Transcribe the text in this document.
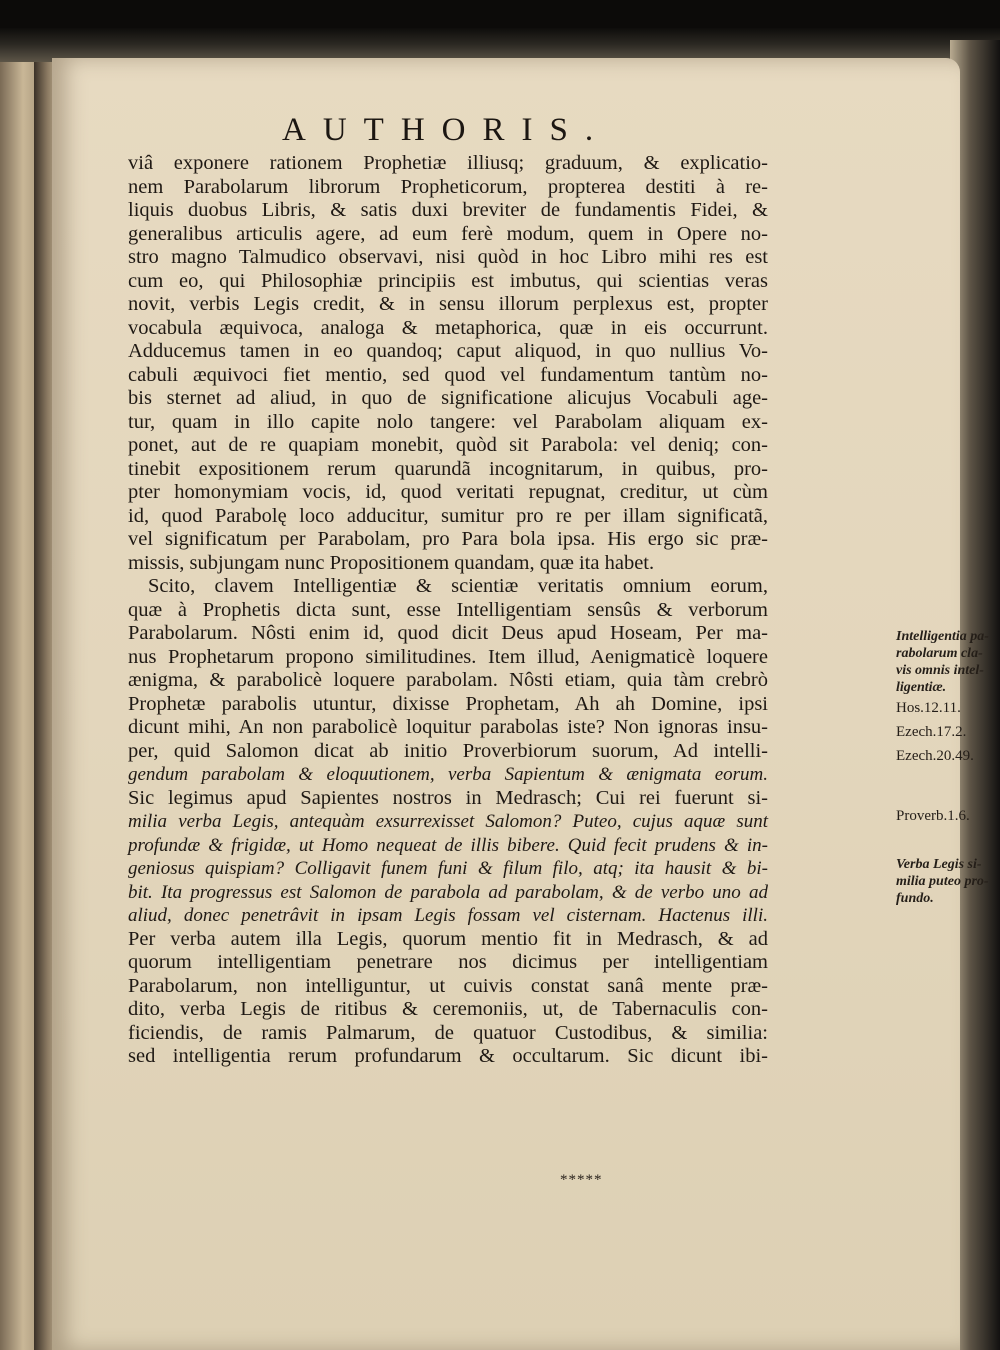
AUTHORIS.
viâ exponere rationem Prophetiæ illiusq; graduum, & explicatio-
nem Parabolarum librorum Propheticorum, propterea destiti à re-
liquis duobus Libris, & satis duxi breviter de fundamentis Fidei, &
generalibus articulis agere, ad eum ferè modum, quem in Opere no-
stro magno Talmudico observavi, nisi quòd in hoc Libro mihi res est
cum eo, qui Philosophiæ principiis est imbutus, qui scientias veras
novit, verbis Legis credit, & in sensu illorum perplexus est, propter
vocabula æquivoca, analoga & metaphorica, quæ in eis occurrunt.
Adducemus tamen in eo quandoq; caput aliquod, in quo nullius Vo-
cabuli æquivoci fiet mentio, sed quod vel fundamentum tantùm no-
bis sternet ad aliud, in quo de significatione alicujus Vocabuli age-
tur, quam in illo capite nolo tangere: vel Parabolam aliquam ex-
ponet, aut de re quapiam monebit, quòd sit Parabola: vel deniq; con-
tinebit expositionem rerum quarundã incognitarum, in quibus, pro-
pter homonymiam vocis, id, quod veritati repugnat, creditur, ut cùm
id, quod Parabolę loco adducitur, sumitur pro re per illam significatã,
vel significatum per Parabolam, pro Para bola ipsa. His ergo sic præ-
missis, subjungam nunc Propositionem quandam, quæ ita habet.
Scito, clavem Intelligentiæ & scientiæ veritatis omnium eorum,
quæ à Prophetis dicta sunt, esse Intelligentiam sensûs & verborum
Parabolarum. Nôsti enim id, quod dicit Deus apud Hoseam, Per ma-
nus Prophetarum propono similitudines. Item illud, Aenigmaticè loquere
ænigma, & parabolicè loquere parabolam. Nôsti etiam, quia tàm crebrò
Prophetæ parabolis utuntur, dixisse Prophetam, Ah ah Domine, ipsi
dicunt mihi, An non parabolicè loquitur parabolas iste? Non ignoras insu-
per, quid Salomon dicat ab initio Proverbiorum suorum, Ad intelli-
gendum parabolam & eloquutionem, verba Sapientum & ænigmata eorum.
Sic legimus apud Sapientes nostros in Medrasch; Cui rei fuerunt si-
milia verba Legis, antequàm exsurrexisset Salomon? Puteo, cujus aquæ sunt
profundæ & frigidæ, ut Homo nequeat de illis bibere. Quid fecit prudens & in-
geniosus quispiam? Colligavit funem funi & filum filo, atq; ita hausit & bi-
bit. Ita progressus est Salomon de parabola ad parabolam, & de verbo uno ad
aliud, donec penetrâvit in ipsam Legis fossam vel cisternam. Hactenus illi.
Per verba autem illa Legis, quorum mentio fit in Medrasch, & ad
quorum intelligentiam penetrare nos dicimus per intelligentiam
Parabolarum, non intelliguntur, ut cuivis constat sanâ mente præ-
dito, verba Legis de ritibus & ceremoniis, ut, de Tabernaculis con-
ficiendis, de ramis Palmarum, de quatuor Custodibus, & similia:
sed intelligentia rerum profundarum & occultarum. Sic dicunt ibi-
Intelligentia pa-
rabolarum cla-
vis omnis intel-
ligentiæ.
Hos.12.11.
Ezech.17.2.
Ezech.20.49.
Proverb.1.6.
Verba Legis si-
milia puteo pro-
fundo.
*****
